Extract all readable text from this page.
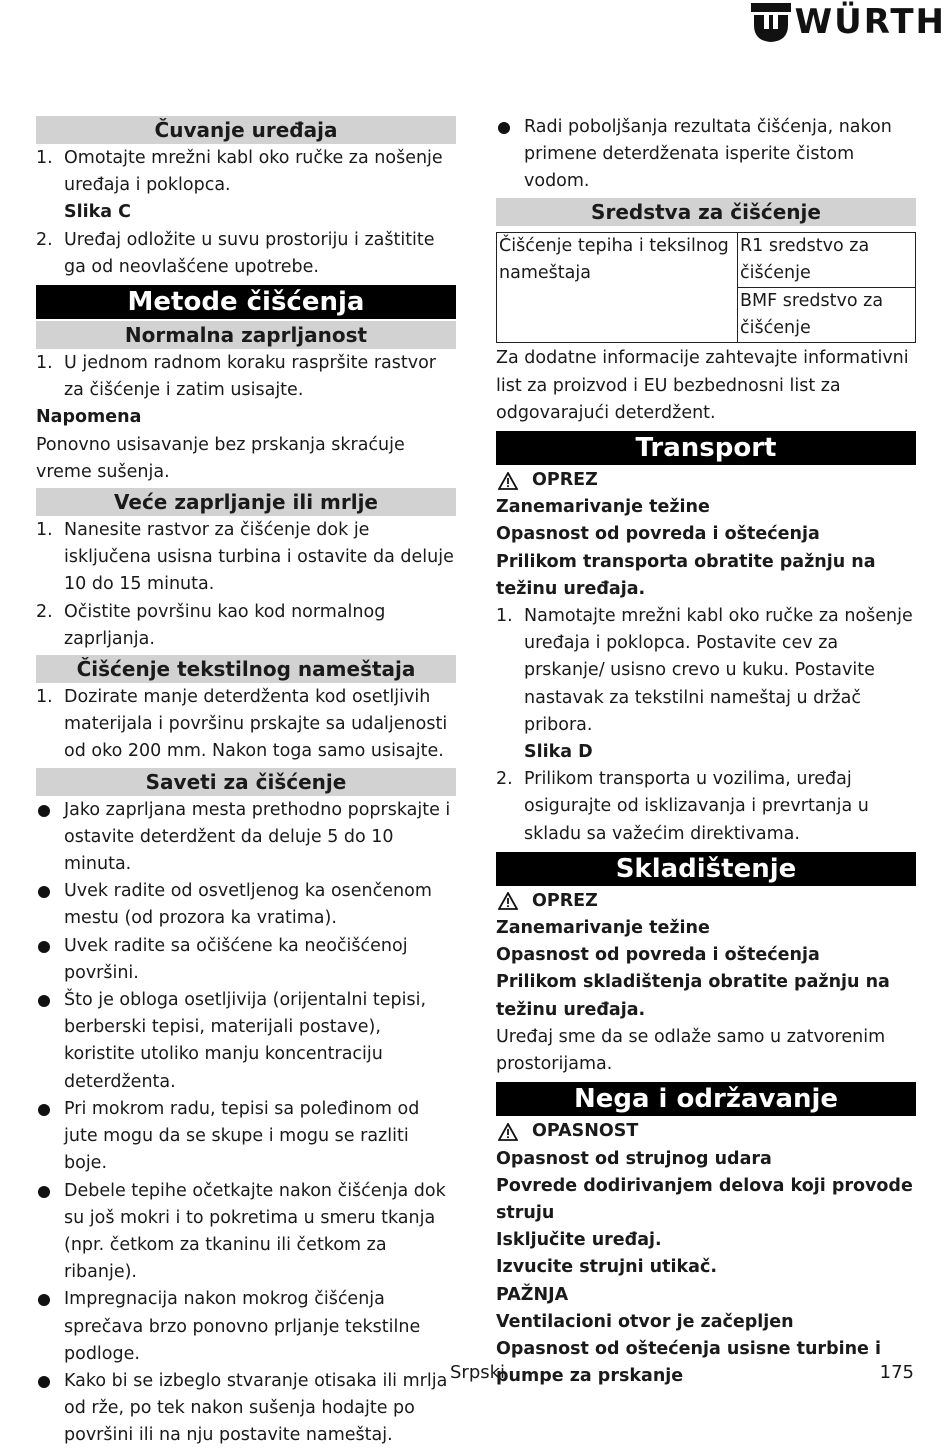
WÜRTH
Čuvanje uređaja
1. Omotajte mrežni kabl oko ručke za nošenje uređaja i poklopca.
Slika C
2. Uređaj odložite u suvu prostoriju i zaštitite ga od neovlašćene upotrebe.
Metode čišćenja
Normalna zaprljanost
1. U jednom radnom koraku raspršite rastvor za čišćenje i zatim usisajte.
Napomena
Ponovno usisavanje bez prskanja skraćuje vreme sušenja.
Veće zaprljanje ili mrlje
1. Nanesite rastvor za čišćenje dok je isključena usisna turbina i ostavite da deluje 10 do 15 minuta.
2. Očistite površinu kao kod normalnog zaprljanja.
Čišćenje tekstilnog nameštaja
1. Dozirate manje deterdženta kod osetljivih materijala i površinu prskajte sa udaljenosti od oko 200 mm. Nakon toga samo usisajte.
Saveti za čišćenje
Jako zaprljana mesta prethodno poprskajte i ostavite deterdžent da deluje 5 do 10 minuta.
Uvek radite od osvetljenog ka osenčenom mestu (od prozora ka vratima).
Uvek radite sa očišćene ka neočišćenoj površini.
Što je obloga osetljivija (orijentalni tepisi, berberski tepisi, materijali postave), koristite utoliko manju koncentraciju deterdženta.
Pri mokrom radu, tepisi sa poleđinom od jute mogu da se skupe i mogu se razliti boje.
Debele tepihe očetkajte nakon čišćenja dok su još mokri i to pokretima u smeru tkanja (npr. četkom za tkaninu ili četkom za ribanje).
Impregnacija nakon mokrog čišćenja sprečava brzo ponovno prljanje tekstilne podloge.
Kako bi se izbeglo stvaranje otisaka ili mrlja od rže, po tek nakon sušenja hodajte po površini ili na nju postavite nameštaj.
Radi poboljšanja rezultata čišćenja, nakon primene deterdženata isperite čistom vodom.
Sredstva za čišćenje
Čišćenje tepiha i teksilnog nameštaja	R1 sredstvo za čišćenje
BMF sredstvo za čišćenje
Za dodatne informacije zahtevajte informativni list za proizvod i EU bezbednosni list za odgovarajući deterdžent.
Transport
OPREZ
Zanemarivanje težine
Opasnost od povreda i oštećenja
Prilikom transporta obratite pažnju na težinu uređaja.
1. Namotajte mrežni kabl oko ručke za nošenje uređaja i poklopca. Postavite cev za prskanje/ usisno crevo u kuku. Postavite nastavak za tekstilni nameštaj u držač pribora.
Slika D
2. Prilikom transporta u vozilima, uređaj osigurajte od isklizavanja i prevrtanja u skladu sa važećim direktivama.
Skladištenje
OPREZ
Zanemarivanje težine
Opasnost od povreda i oštećenja
Prilikom skladištenja obratite pažnju na težinu uređaja.
Uređaj sme da se odlaže samo u zatvorenim prostorijama.
Nega i održavanje
OPASNOST
Opasnost od strujnog udara
Povrede dodirivanjem delova koji provode struju
Isključite uređaj.
Izvucite strujni utikač.
PAŽNJA
Ventilacioni otvor je začepljen
Opasnost od oštećenja usisne turbine i pumpe za prskanje
Srpski	175
